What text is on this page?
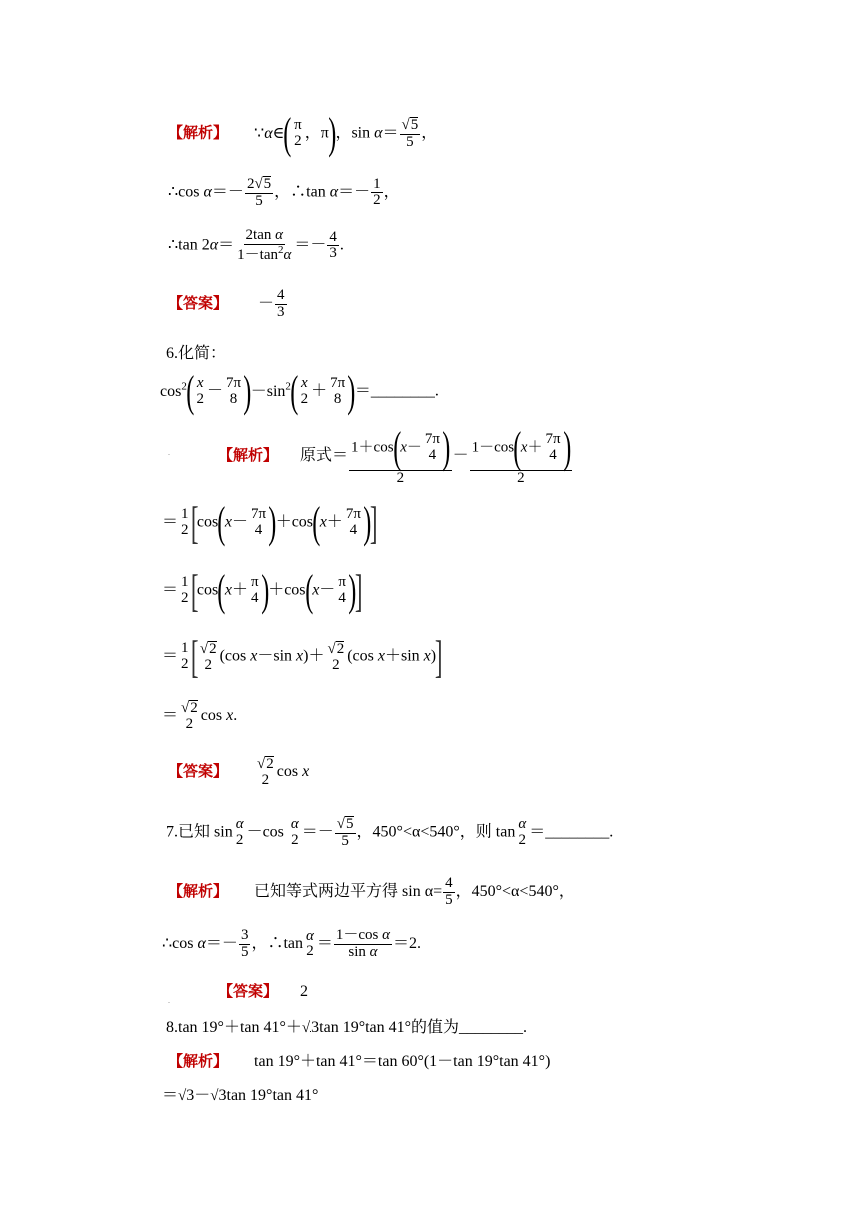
【解析】 ∵α∈( π
2 ，π)，$\sin \alpha= \frac{√5}{5}$ ，
∴cos $\alpha=- \frac{2√5}{5}$ ，∴tan $\alpha=- \frac{1}{2}$ ，
∴tan $2\alpha= \frac{\text{2tan α}}{1-\tan^2\alpha} =- \frac{4}{3}$ .
【答案】 － $\frac{4}{3}$
6.化简：
$\cos^2$( x
2 － 7π
8 )$-\sin^2$( x
2 ＋ 7π
8 )＝________.
.	【解析】 原式＝ 1＋cos(x－
7π
4 )
2 － 1－cos(x＋
7π
4 )
2
＝ 1
2 [cos(x－ 7π
4 )＋cos(x＋ 7π
4 )]
＝ 1
2 [cos(x＋ π
4 )＋cos(x－ π
4 )]
＝ 1
2 [ √2
2 (cos x－sin x)＋ √2
2 (cos x＋sin x)]
＝ √2
2 cos x.
【答案】 √2
2 cos x
7.已知 sin α
2 －cos α
$2 =- \frac{√5}{5}$ ，450°<α<540°，则 tan α
2 ＝________.
【解析】 已知等式两边平方得 $\sin \alpha= \frac{4}{5}$ ，450°<α<540°，
∴cos $\alpha=- \frac{3}{5}$ ，∴tan α
$2 = \frac{\text{1－cos α}}{\text{sin α}} =2$.
【答案】 2
.
8.tan 19°＋tan 41°＋√3tan 19°tan 41°的值为________.
【解析】 tan 19°＋tan 41°＝tan 60°(1－tan 19°tan 41°)
＝√3－√3tan 19°tan 41°
